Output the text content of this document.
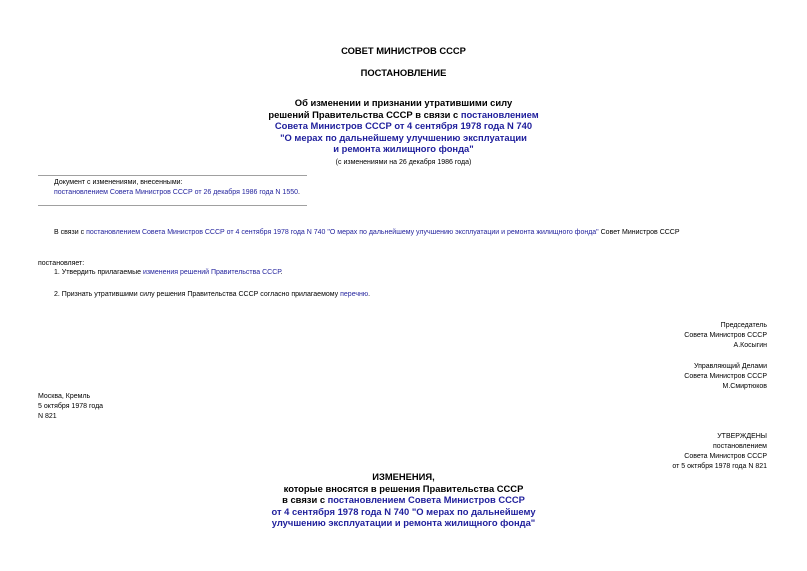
СОВЕТ МИНИСТРОВ СССР
ПОСТАНОВЛЕНИЕ
Об изменении и признании утратившими силу
решений Правительства СССР в связи с постановлением
Совета Министров СССР от 4 сентября 1978 года N 740
"О мерах по дальнейшему улучшению эксплуатации
и ремонта жилищного фонда"
(с изменениями на 26 декабря 1986 года)
Документ с изменениями, внесенными:
постановлением Совета Министров СССР от 26 декабря 1986 года N 1550.
В связи с постановлением Совета Министров СССР от 4 сентября 1978 года N 740 "О мерах по дальнейшему улучшению эксплуатации и ремонта жилищного фонда" Совет Министров СССР
постановляет:
1. Утвердить прилагаемые изменения решений Правительства СССР.
2. Признать утратившими силу решения Правительства СССР согласно прилагаемому перечню.
Председатель
Совета Министров СССР
А.Косыгин
Управляющий Делами
Совета Министров СССР
М.Смиртюков
Москва, Кремль
5 октября 1978 года
N 821
УТВЕРЖДЕНЫ
постановлением
Совета Министров СССР
от 5 октября 1978 года N 821
ИЗМЕНЕНИЯ,
которые вносятся в решения Правительства СССР
в связи с постановлением Совета Министров СССР
от 4 сентября 1978 года N 740 "О мерах по дальнейшему
улучшению эксплуатации и ремонта жилищного фонда"
